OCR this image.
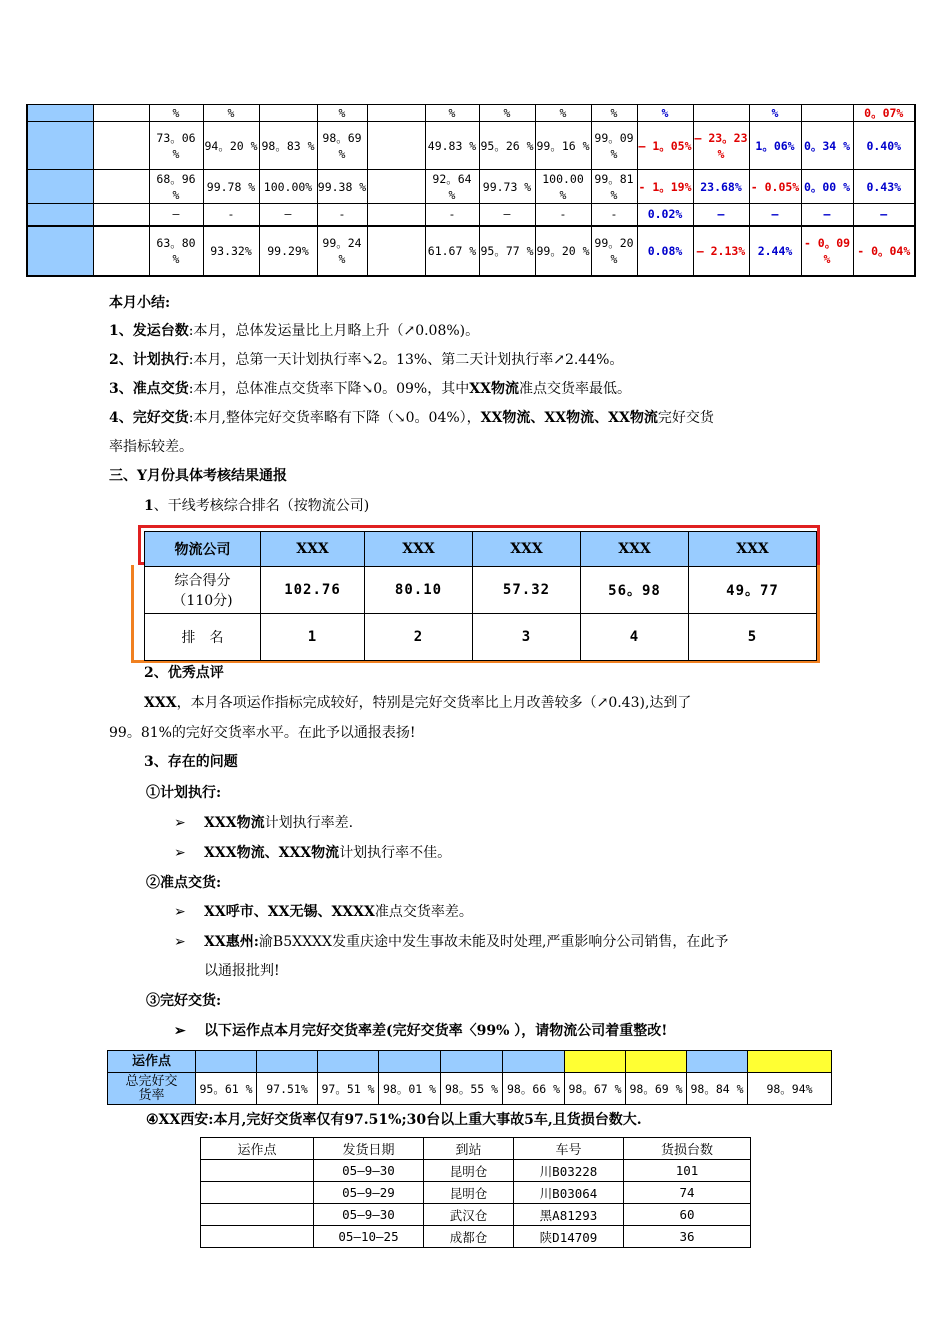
		%	%		%		%	%	%	%	%		%		0。07%
		73。06 %	94。20 %	98。83 %	98。69 %		49.83 %	95。26 %	99。16 %	99。09 %	— 1。05%	— 23。23 %	1。06%	0。34 %	0.40%
		68。96 %	99.78 %	100.00%	99.38 %		92。64 %	99.73 %	100.00 %	99。81 %	- 1。19%	23.68%	- 0.05%	0。00 %	0.43%
		—	-	—	-		-	—	-	-	0.02%	—	—	—	—
		63。80 %	93.32%	99.29%	99。24 %		61.67 %	95。77 %	99。20 %	99。20 %	0.08%	— 2.13%	2.44%	- 0。09 %	- 0。04%
本月小结:
1、发运台数:本月，总体发运量比上月略上升（↗0.08%)。
2、计划执行:本月，总第一天计划执行率↘2。13%、第二天计划执行率↗2.44%。
3、准点交货:本月，总体准点交货率下降↘0。09%，其中XX物流准点交货率最低。
4、完好交货:本月,整体完好交货率略有下降（↘0。04%），XX物流、XX物流、XX物流完好交货
率指标较差。
三、Y月份具体考核结果通报
1、干线考核综合排名（按物流公司)
物流公司	XXX	XXX	XXX	XXX	XXX

综合得分
（110分)	102.76	80.10	57.32	56。98	49。77
排　名	1	2	3	4	5
2、优秀点评
XXX，本月各项运作指标完成较好，特别是完好交货率比上月改善较多（↗0.43),达到了
99。81%的完好交货率水平。在此予以通报表扬!
3、存在的问题
①计划执行:
➢ XXX物流计划执行率差.
➢ XXX物流、XXX物流计划执行率不佳。
②准点交货:
➢ XX呼市、XX无锡、XXXX准点交货率差。
➢ XX惠州:渝B5XXXX发重庆途中发生事故未能及时处理,严重影响分公司销售，在此予
以通报批判!
③完好交货:
➢ 以下运作点本月完好交货率差(完好交货率〈99% ），请物流公司着重整改!
运作点										

总完好交
货率	95。61 %	97.51%	97。51 %	98。01 %	98。55 %	98。66 %	98。67 %	98。69 %	98。84 %	98。94%
④XX西安:本月,完好交货率仅有97.51%;30台以上重大事故5车,且货损台数大.
运作点	发货日期	到站	车号	货损台数
	05—9—30	昆明仓	川B03228	101
	05—9—29	昆明仓	川B03064	74
	05—9—30	武汉仓	黑A81293	60
	05—10—25	成都仓	陕D14709	36
